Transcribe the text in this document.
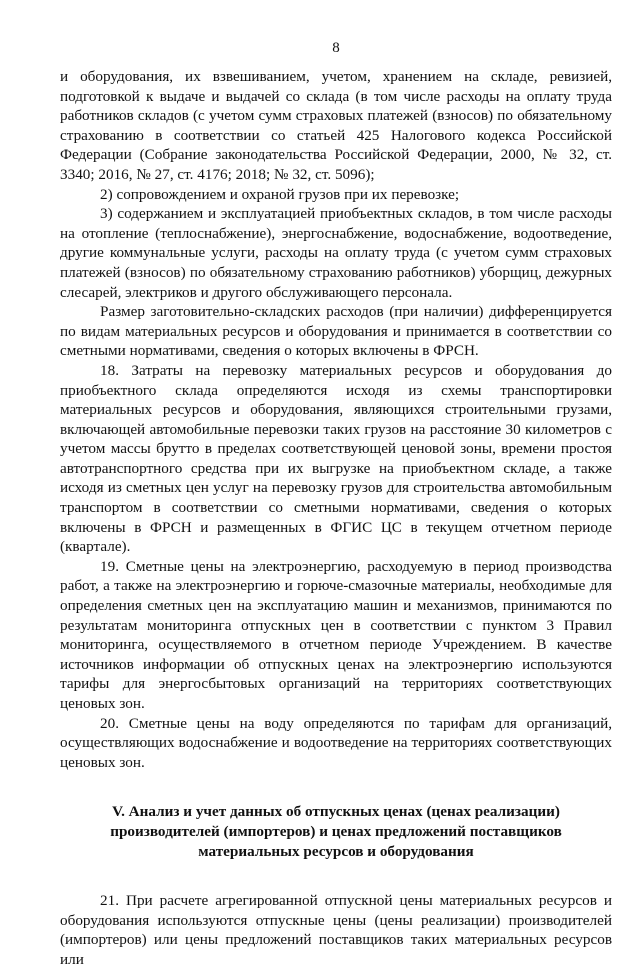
8

и оборудования, их взвешиванием, учетом, хранением на складе, ревизией, подготовкой к выдаче и выдачей со склада (в том числе расходы на оплату труда работников складов (с учетом сумм страховых платежей (взносов) по обязательному страхованию в соответствии со статьей 425 Налогового кодекса Российской Федерации (Собрание законодательства Российской Федерации, 2000, № 32, ст. 3340; 2016, № 27, ст. 4176; 2018; № 32, ст. 5096);

2) сопровождением и охраной грузов при их перевозке;

3) содержанием и эксплуатацией приобъектных складов, в том числе расходы на отопление (теплоснабжение), энергоснабжение, водоснабжение, водоотведение, другие коммунальные услуги, расходы на оплату труда (с учетом сумм страховых платежей (взносов) по обязательному страхованию работников) уборщиц, дежурных слесарей, электриков и другого обслуживающего персонала.

Размер заготовительно-складских расходов (при наличии) дифференцируется по видам материальных ресурсов и оборудования и принимается в соответствии со сметными нормативами, сведения о которых включены в ФРСН.

18. Затраты на перевозку материальных ресурсов и оборудования до приобъектного склада определяются исходя из схемы транспортировки материальных ресурсов и оборудования, являющихся строительными грузами, включающей автомобильные перевозки таких грузов на расстояние 30 километров с учетом массы брутто в пределах соответствующей ценовой зоны, времени простоя автотранспортного средства при их выгрузке на приобъектном складе, а также исходя из сметных цен услуг на перевозку грузов для строительства автомобильным транспортом в соответствии со сметными нормативами, сведения о которых включены в ФРСН и размещенных в ФГИС ЦС в текущем отчетном периоде (квартале).

19. Сметные цены на электроэнергию, расходуемую в период производства работ, а также на электроэнергию и горюче-смазочные материалы, необходимые для определения сметных цен на эксплуатацию машин и механизмов, принимаются по результатам мониторинга отпускных цен в соответствии с пунктом 3 Правил мониторинга, осуществляемого в отчетном периоде Учреждением. В качестве источников информации об отпускных ценах на электроэнергию используются тарифы для энергосбытовых организаций на территориях соответствующих ценовых зон.

20. Сметные цены на воду определяются по тарифам для организаций, осуществляющих водоснабжение и водоотведение на территориях соответствующих ценовых зон.

V. Анализ и учет данных об отпускных ценах (ценах реализации)
производителей (импортеров) и ценах предложений поставщиков
материальных ресурсов и оборудования

21. При расчете агрегированной отпускной цены материальных ресурсов и оборудования используются отпускные цены (цены реализации) производителей (импортеров) или цены предложений поставщиков таких материальных ресурсов или
